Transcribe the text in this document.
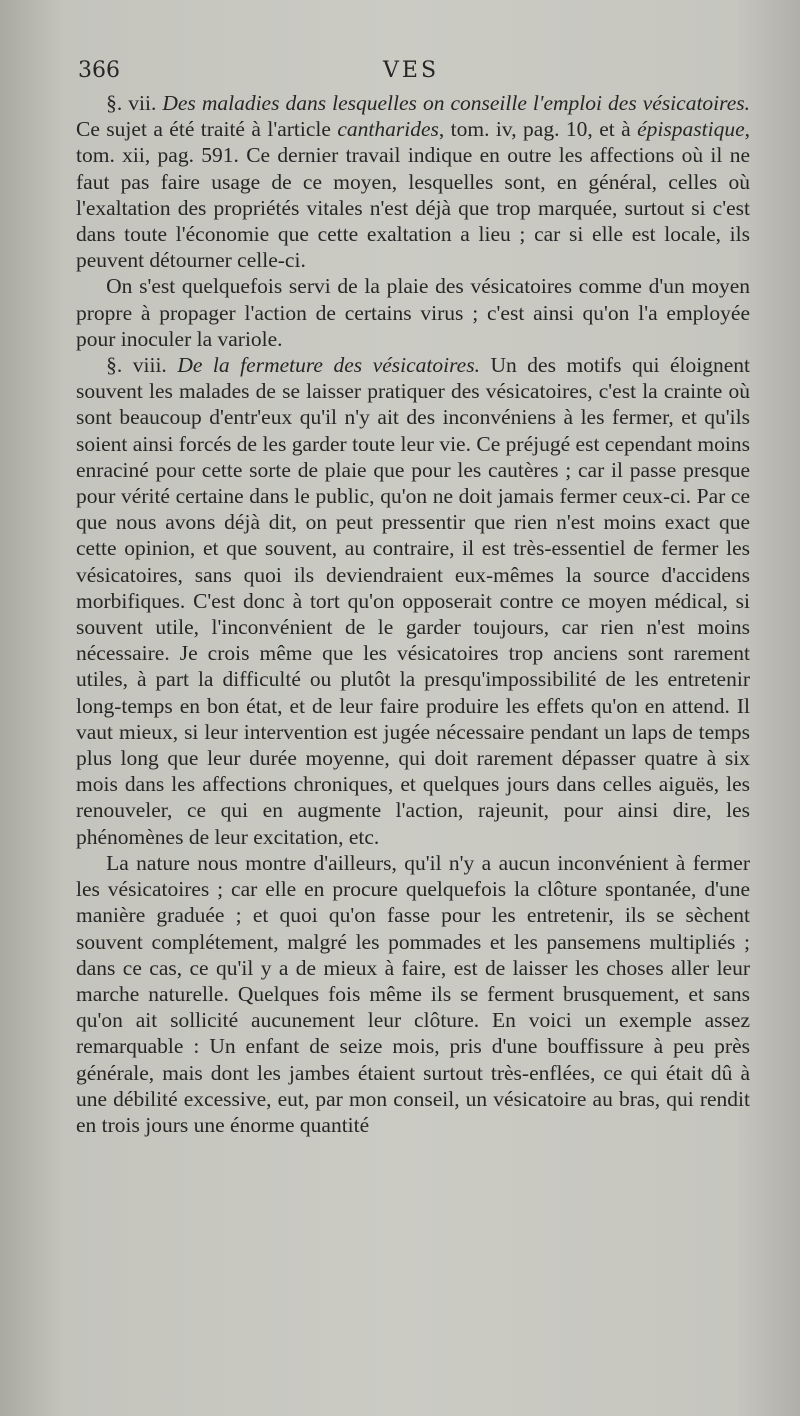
366	VES

§. vii. Des maladies dans lesquelles on conseille l'emploi des vésicatoires. Ce sujet a été traité à l'article cantharides, tom. iv, pag. 10, et à épispastique, tom. xii, pag. 591. Ce dernier travail indique en outre les affections où il ne faut pas faire usage de ce moyen, lesquelles sont, en général, celles où l'exaltation des propriétés vitales n'est déjà que trop marquée, surtout si c'est dans toute l'économie que cette exaltation a lieu ; car si elle est locale, ils peuvent détourner celle-ci.

On s'est quelquefois servi de la plaie des vésicatoires comme d'un moyen propre à propager l'action de certains virus ; c'est ainsi qu'on l'a employée pour inoculer la variole.

§. viii. De la fermeture des vésicatoires. Un des motifs qui éloignent souvent les malades de se laisser pratiquer des vésicatoires, c'est la crainte où sont beaucoup d'entr'eux qu'il n'y ait des inconvéniens à les fermer, et qu'ils soient ainsi forcés de les garder toute leur vie. Ce préjugé est cependant moins enraciné pour cette sorte de plaie que pour les cautères ; car il passe presque pour vérité certaine dans le public, qu'on ne doit jamais fermer ceux-ci. Par ce que nous avons déjà dit, on peut pressentir que rien n'est moins exact que cette opinion, et que souvent, au contraire, il est très-essentiel de fermer les vésicatoires, sans quoi ils deviendraient eux-mêmes la source d'accidens morbifiques. C'est donc à tort qu'on opposerait contre ce moyen médical, si souvent utile, l'inconvénient de le garder toujours, car rien n'est moins nécessaire. Je crois même que les vésicatoires trop anciens sont rarement utiles, à part la difficulté ou plutôt la presqu'impossibilité de les entretenir long-temps en bon état, et de leur faire produire les effets qu'on en attend. Il vaut mieux, si leur intervention est jugée nécessaire pendant un laps de temps plus long que leur durée moyenne, qui doit rarement dépasser quatre à six mois dans les affections chroniques, et quelques jours dans celles aiguës, les renouveler, ce qui en augmente l'action, rajeunit, pour ainsi dire, les phénomènes de leur excitation, etc.

La nature nous montre d'ailleurs, qu'il n'y a aucun inconvénient à fermer les vésicatoires ; car elle en procure quelquefois la clôture spontanée, d'une manière graduée ; et quoi qu'on fasse pour les entretenir, ils se sèchent souvent complétement, malgré les pommades et les pansemens multipliés ; dans ce cas, ce qu'il y a de mieux à faire, est de laisser les choses aller leur marche naturelle. Quelques fois même ils se ferment brusquement, et sans qu'on ait sollicité aucunement leur clôture. En voici un exemple assez remarquable : Un enfant de seize mois, pris d'une bouffissure à peu près générale, mais dont les jambes étaient surtout très-enflées, ce qui était dû à une débilité excessive, eut, par mon conseil, un vésicatoire au bras, qui rendit en trois jours une énorme quantité
